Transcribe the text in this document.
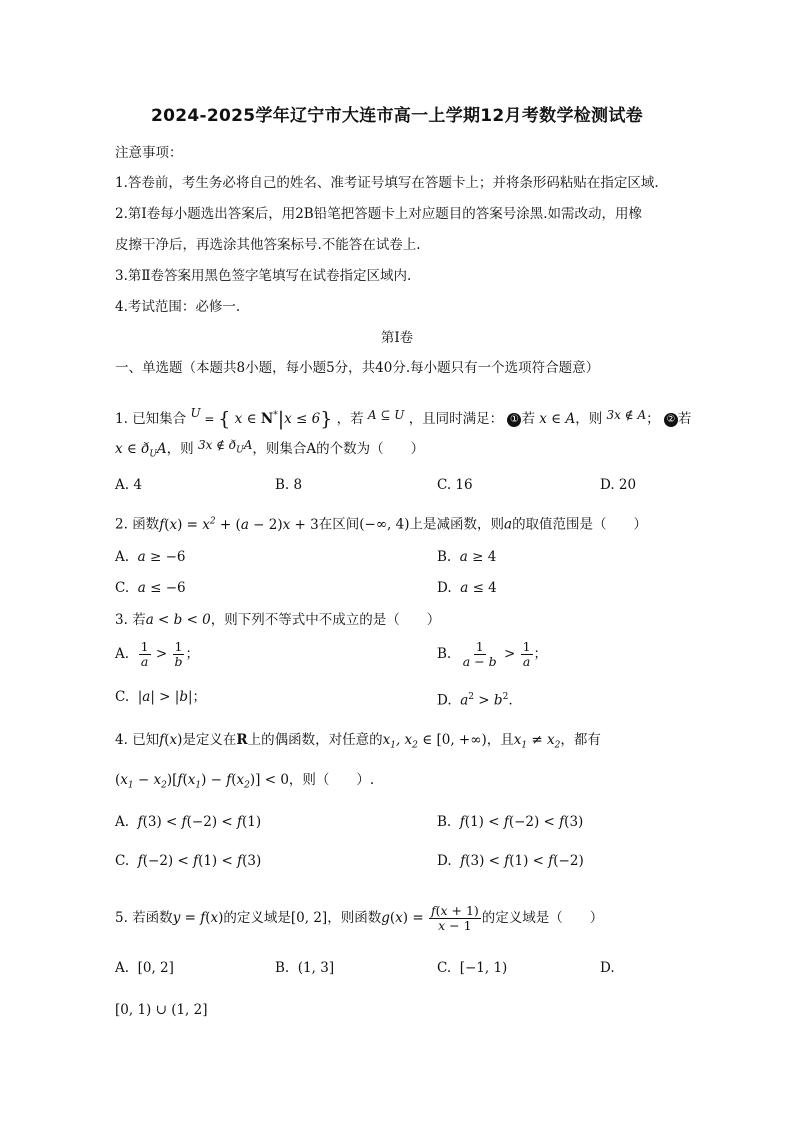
2024-2025学年辽宁市大连市高一上学期12月考数学检测试卷
注意事项：
1.答卷前，考生务必将自己的姓名、准考证号填写在答题卡上；并将条形码粘贴在指定区域.
2.第Ⅰ卷每小题选出答案后，用2B铅笔把答题卡上对应题目的答案号涂黑.如需改动，用橡
皮擦干净后，再选涂其他答案标号.不能答在试卷上.
3.第Ⅱ卷答案用黑色签字笔填写在试卷指定区域内.
4.考试范围：必修一.
第Ⅰ卷
一、单选题（本题共8小题，每小题5分，共40分.每小题只有一个选项符合题意）
1. 已知集合 $^U$ = { x ∈ N*|x ≤ 6} ，若 $^{A ⊆ U}$ ，且同时满足： ① 若 x ∈ A，则 $^{3x \notin A}$； ② 若
x ∈ $ð_UA$，则 $^{3x \notin ð_UA}$，则集合A的个数为（　　）
A. 4	B. 8	C. 16	D. 20
2. 函数$f(x) = x^2 + (a - 2)x + 3$在区间(−∞, 4)上是减函数，则a的取值范围是（　　）
A.  a ≥ −6	B.  a ≥ 4
C.  a ≤ −6	D.  a ≤ 4
3. 若a < b < 0，则下列不等式中不成立的是（　　）
A. $\frac{1}{a} > \frac{1}{b}$ ；	B. $\frac{1}{a - b} > \frac{1}{a}$ ；
C.  |a| > |b|；	D.  $a^2 > b^2$.
4. 已知f(x)是定义在R上的偶函数，对任意的$x_1$, $x_2$ ∈ [0, +∞)，且$x_1 \ne x_2$，都有
$(x_1 - x_2)[f(x_1) - f(x_2)] < 0$，则（　　）.
A.  f(3) < f(−2) < f(1)	B.  f(1) < f(−2) < f(3)
C.  f(−2) < f(1) < f(3)	D.  f(3) < f(1) < f(−2)
5. 若函数y = f(x)的定义域是[0, 2]，则函数$g(x) = \frac{f(x + 1)}{x - 1}$ 的定义域是（　　）
A.  [0, 2]	B.  (1, 3]	C.  [−1, 1)	D.
[0, 1) ∪ (1, 2]
